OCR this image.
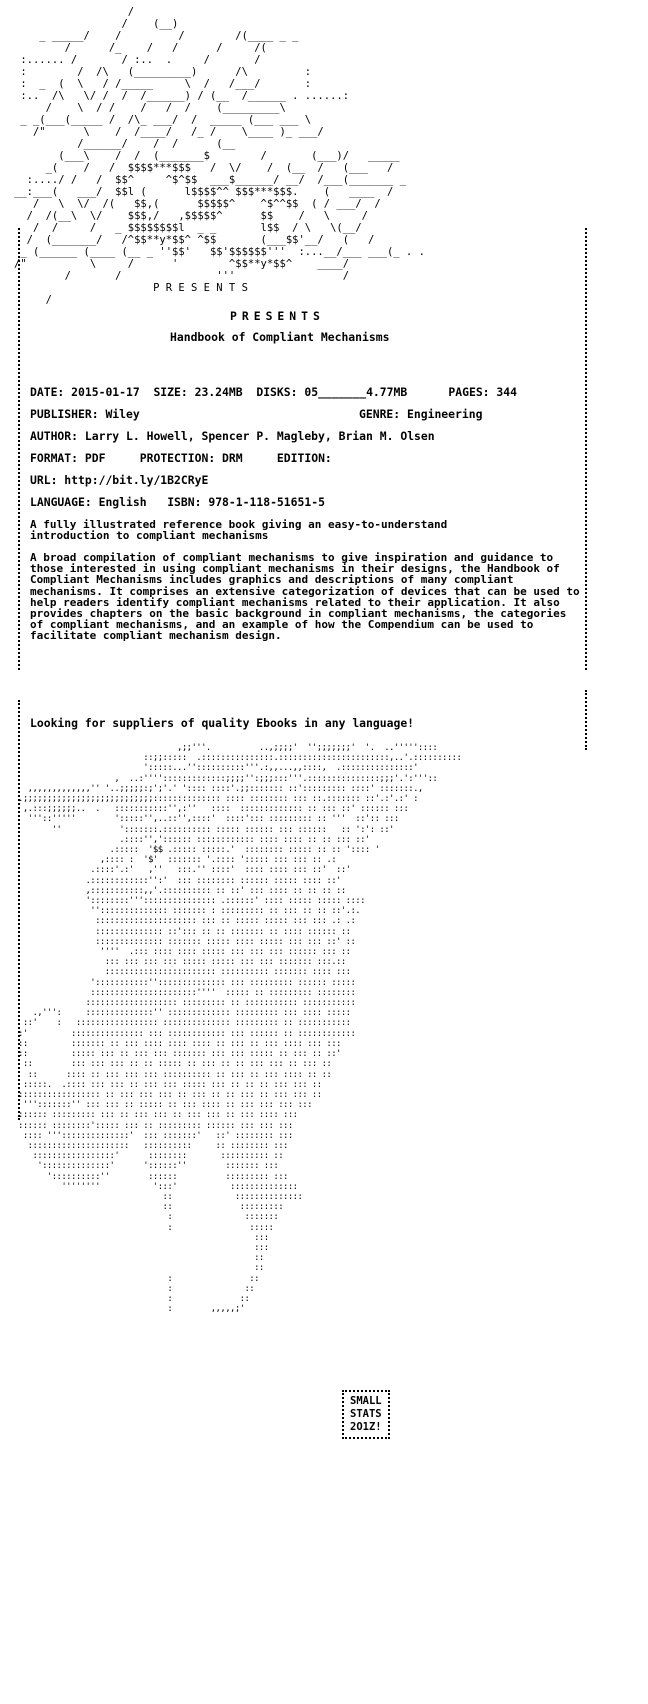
/
/    (__)
_ _____/    /         /        /(____ _ _
/      /_    /   /      /     /(
:...... /       / :..  .     /       /
:        /  /\   (_________)      /\         :
:  _  (  \   / /_____     \  /   /___/       :
:..  /\   \/ /  /  /______) / (__  /______ . ......:
/    \  / /    /   /  /    (_________\
_ _(___(_____ /  /\_ ___/  /  _____ (___ ___ \
/"      \    /  /____/   /_ /    \____ )_ ___/
/______/    /  /      (__
(___\    /  /  (_______$        /       (___)/   _____
_(    /   /  $$$$***$$$   /  \/    /  (__  /   (___   /
:..../ /   /  $$^     ^$^$$  ___$______/ __/  /___(_______ _
__:___(   ___/  $$l (      l$$$$^^ $$$***$$$.    (   ____  /
/   \  \/  /(   $$,(      $$$$$^    ^$^^$$  ( / ___/  /
/  /(__\  \/    $$$,/   ,$$$$$^      $$    /   \     /
/  /     /   _ $$$$$$$$l  _ _       l$$  / \   \(__/
/  (_______/   /^$$**y*$$^ ^$$       (___$$'__/   (   /
_ (______ (____ (__ _ ''$$'   $$'$$$$$$'''  :...__/___ ___(_ . .
/"          \     /      '        ^$$**y*$$^    ____/
/       /               '''                 /
P R E S E N T S
/
PRESENTS
Handbook of Compliant Mechanisms
DATE: 2015-01-17 SIZE: 23.24MB DISKS: 05_______4.77MB	PAGES: 344
PUBLISHER: Wiley	GENRE: Engineering
AUTHOR: Larry L. Howell, Spencer P. Magleby, Brian M. Olsen
FORMAT: PDF	PROTECTION: DRM	EDITION:
URL: http://bit.ly/1B2CRyE
LANGUAGE: English ISBN: 978-1-118-51651-5
A fully illustrated reference book giving an easy-to-understand introduction to compliant mechanisms
A broad compilation of compliant mechanisms to give inspiration and guidance to those interested in using compliant mechanisms in their designs, the Handbook of Compliant Mechanisms includes graphics and descriptions of many compliant mechanisms. It comprises an extensive categorization of devices that can be used to help readers identify compliant mechanisms related to their application. It also provides chapters on the basic background in compliant mechanisms, the categories of compliant mechanisms, and an example of how the Compendium can be used to facilitate compliant mechanism design.
Looking for suppliers of quality Ebooks in any language!
,;;'''.          ..,;;;;'  '';;;;;;;'  '.  ..'''''::::
::;;:::::  .:::::::::::::::.:::::::::::::::::::::::,..'.::::::::::
':::::...''::::::::::'''.:,,...,,::::,  .:::::::::::::::'
,  ..:'''':::::::::::::;;;;'':;;;:::'''.:::::::::::::::;;;'.':'''::
,,,,,,,,,,,,,'' '..;;;;;:;';'.' ':::: ::::'.;;::::::: ::'::::::::: ::::' :::::::.,
.;;;;;;;;;;;;;;;;;;;;;;;;;;;:::::::::::::: :::: :::::::: ::: ::.::::::: ::'.:'.:' :
,.:::;;;;;;..  .   :::::::::::'',:''   ::::  ::::::::::::: :: ::: ::' :::::: :::
'''::'''''        ':::::'',..::'',::::'  ::::'::: ::::::::: :: '''  ::':: :::
''            ':::::::.:::::::::: ::::: :::::: ::: ::::::   :: ':': ::'
.::::'',':::::: :::::::::::: :::: :::: :: :: ::: ::'
.:::::  '$$ .::::: :::::.'  :::::::: ::::: :: :: ':::: '
,:::: :  '$'  ::::::: '.:::: '::::: ::: ::: :: .:
.::::'.:'   ,''   :::.'' ::::'  :::: :::: ::: ::'  ::'
.::::::::::::'':'  ::: :::::::: :::::: ::::: :::: ::'
,:::::::::::,,'.:::::::::: :: ::' ::: :::: :: :: :: ::
'::::::::'''::::::::::::::: .::::::' :::: ::::: ::::: ::::
'':::::::::::::: ::::::: : ::::::::: :: ::: :: :: ::'.:.
::::::::::::::::::::: ::: :: ::::: ::::: ::: ::: .: .:
:::::::::::::: ::'::: :: :: ::::::: :: :::: :::::: ::
:::::::::::::: ::::::: ::::: :::: ::::: ::: ::: ::' ::
''''  .::: :::: :::: ::::: ::: ::: ::: :::::: ::: ::
::: ::: ::: ::: ::::: ::::: ::: ::: ::::::: :::.::
::::::::::::::::::::::: :::::::::: ::::::: :::: :::
':::::::::::'':::::::::::::: ::: ::::::::: :::::: :::::
::::::::::::::::::::::''''  ::::: :: ::::::::: ::::::::
::::::::::::::::::: ::::::::: :: ::::::::::: :::::::::::
.,''':     ::::::::::::::'' ::::::::::::: ::::::::: ::: :::: :::::
::'    :   ::::::::::::::::: :::::::::::::: ::::::::: :: :::::::::::
:'         ::::::::::::::: ::: :::::::::::: ::: :::::: :: ::::::::::::
::         ::::::: :: ::: :::: :::: :::: :: ::: :: ::: :::: ::: :::
::         ::::: ::: :: ::: ::: ::::::: ::: ::: ::::: :: ::: :: ::'
::        ::: ::: ::: :: :: ::::: :: ::: :: :: ::: ::: :: ::: ::
::      :::: :: ::: ::: ::: :::::::::: :: ::: :: ::: :::: :: ::
:::::.  .:::: ::: ::: :: ::: ::: ::::: ::: :: :: :: ::: ::: ::
::::::::::::::::: :: ::: ::: ::: :: ::: :: :: ::: :: ::: ::: ::
''':::::::'' ::: ::: :: ::::: :: ::: :::: :: ::: ::: ::: :::
:::::: ::::::::: ::: :: ::: ::: :: ::: ::: :: ::: :::: :::
:::::: ::::::::'::::: ::: :: ::::::::: :::::: ::: ::: :::
:::: '''::::::::::::::'  ::: :::::::'   ::' :::::::: :::
:::::::::::::::::::::   ::::::::::     :: :::::::: :::
:::::::::::::::::'      ::::::::       :::::::::: ::
'::::::::::::::'      '::::::''        ::::::: :::
'::::::::::''        ::::::          ::::::::: :::
''''''''           ':::'           ::::::::::::::
::             ::::::::::::::
::              :::::::::
:               :::::::
:                :::::
:::
:::
::
::
:                ::
:               ::
:              ::
:        ,,,,,;'
SMALL
STATS
2O1Z!
